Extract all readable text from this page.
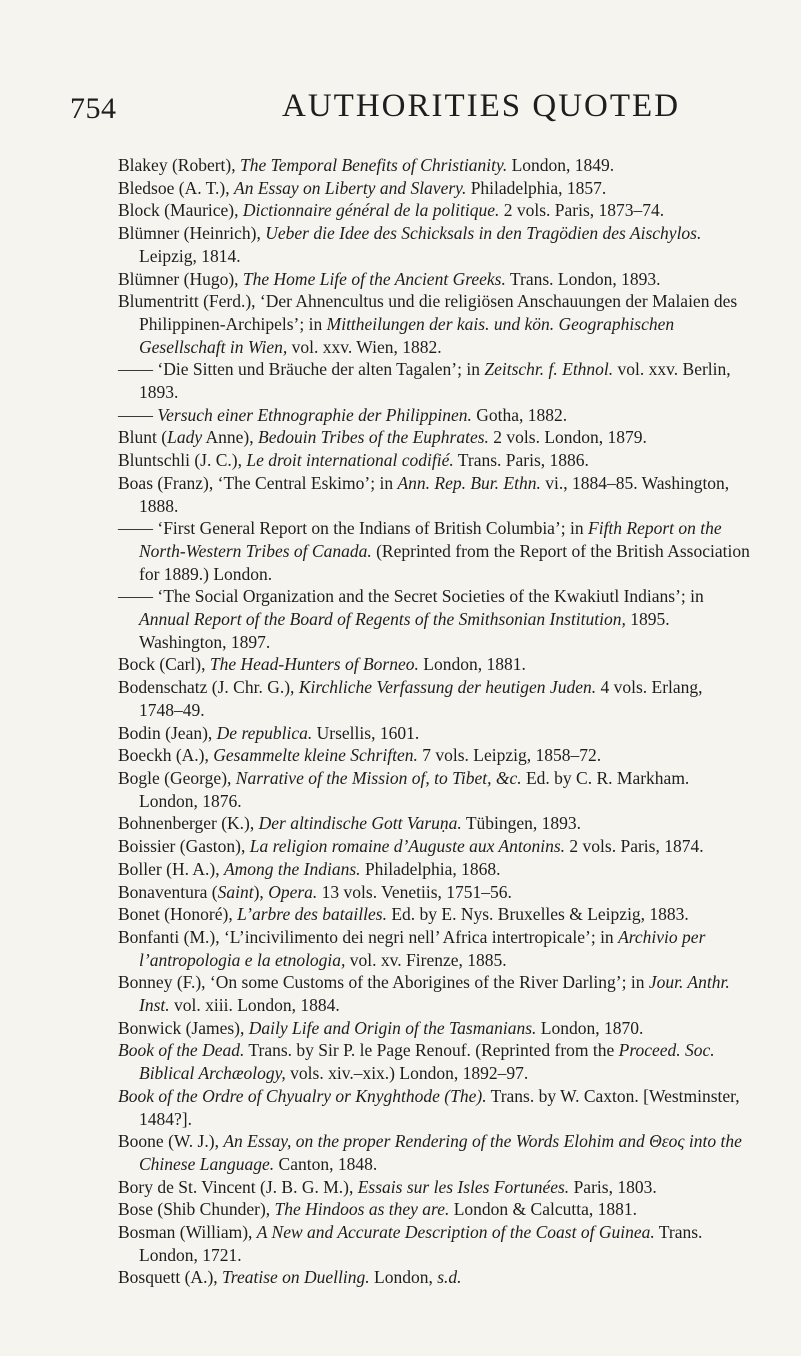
754	AUTHORITIES QUOTED

Blakey (Robert), The Temporal Benefits of Christianity. London, 1849.

Bledsoe (A. T.), An Essay on Liberty and Slavery. Philadelphia, 1857.

Block (Maurice), Dictionnaire général de la politique. 2 vols. Paris, 1873–74.

Blümner (Heinrich), Ueber die Idee des Schicksals in den Tragödien des Aischylos. Leipzig, 1814.

Blümner (Hugo), The Home Life of the Ancient Greeks. Trans. London, 1893.

Blumentritt (Ferd.), ‘Der Ahnencultus und die religiösen Anschauungen der Malaien des Philippinen-Archipels’; in Mittheilungen der kais. und kön. Geographischen Gesellschaft in Wien, vol. xxv. Wien, 1882.

—— ‘Die Sitten und Bräuche der alten Tagalen’; in Zeitschr. f. Ethnol. vol. xxv. Berlin, 1893.

—— Versuch einer Ethnographie der Philippinen. Gotha, 1882.

Blunt (Lady Anne), Bedouin Tribes of the Euphrates. 2 vols. London, 1879.

Bluntschli (J. C.), Le droit international codifié. Trans. Paris, 1886.

Boas (Franz), ‘The Central Eskimo’; in Ann. Rep. Bur. Ethn. vi., 1884–85. Washington, 1888.

—— ‘First General Report on the Indians of British Columbia’; in Fifth Report on the North-Western Tribes of Canada. (Reprinted from the Report of the British Association for 1889.) London.

—— ‘The Social Organization and the Secret Societies of the Kwakiutl Indians’; in Annual Report of the Board of Regents of the Smithsonian Institution, 1895. Washington, 1897.

Bock (Carl), The Head-Hunters of Borneo. London, 1881.

Bodenschatz (J. Chr. G.), Kirchliche Verfassung der heutigen Juden. 4 vols. Erlang, 1748–49.

Bodin (Jean), De republica. Ursellis, 1601.

Boeckh (A.), Gesammelte kleine Schriften. 7 vols. Leipzig, 1858–72.

Bogle (George), Narrative of the Mission of, to Tibet, &c. Ed. by C. R. Markham. London, 1876.

Bohnenberger (K.), Der altindische Gott Varuṇa. Tübingen, 1893.

Boissier (Gaston), La religion romaine d’Auguste aux Antonins. 2 vols. Paris, 1874.

Boller (H. A.), Among the Indians. Philadelphia, 1868.

Bonaventura (Saint), Opera. 13 vols. Venetiis, 1751–56.

Bonet (Honoré), L’arbre des batailles. Ed. by E. Nys. Bruxelles & Leipzig, 1883.

Bonfanti (M.), ‘L’incivilimento dei negri nell’ Africa intertropicale’; in Archivio per l’antropologia e la etnologia, vol. xv. Firenze, 1885.

Bonney (F.), ‘On some Customs of the Aborigines of the River Darling’; in Jour. Anthr. Inst. vol. xiii. London, 1884.

Bonwick (James), Daily Life and Origin of the Tasmanians. London, 1870.

Book of the Dead. Trans. by Sir P. le Page Renouf. (Reprinted from the Proceed. Soc. Biblical Archæology, vols. xiv.–xix.) London, 1892–97.

Book of the Ordre of Chyualry or Knyghthode (The). Trans. by W. Caxton. [Westminster, 1484?].

Boone (W. J.), An Essay, on the proper Rendering of the Words Elohim and Θεος into the Chinese Language. Canton, 1848.

Bory de St. Vincent (J. B. G. M.), Essais sur les Isles Fortunées. Paris, 1803.

Bose (Shib Chunder), The Hindoos as they are. London & Calcutta, 1881.

Bosman (William), A New and Accurate Description of the Coast of Guinea. Trans. London, 1721.

Bosquett (A.), Treatise on Duelling. London, s.d.
